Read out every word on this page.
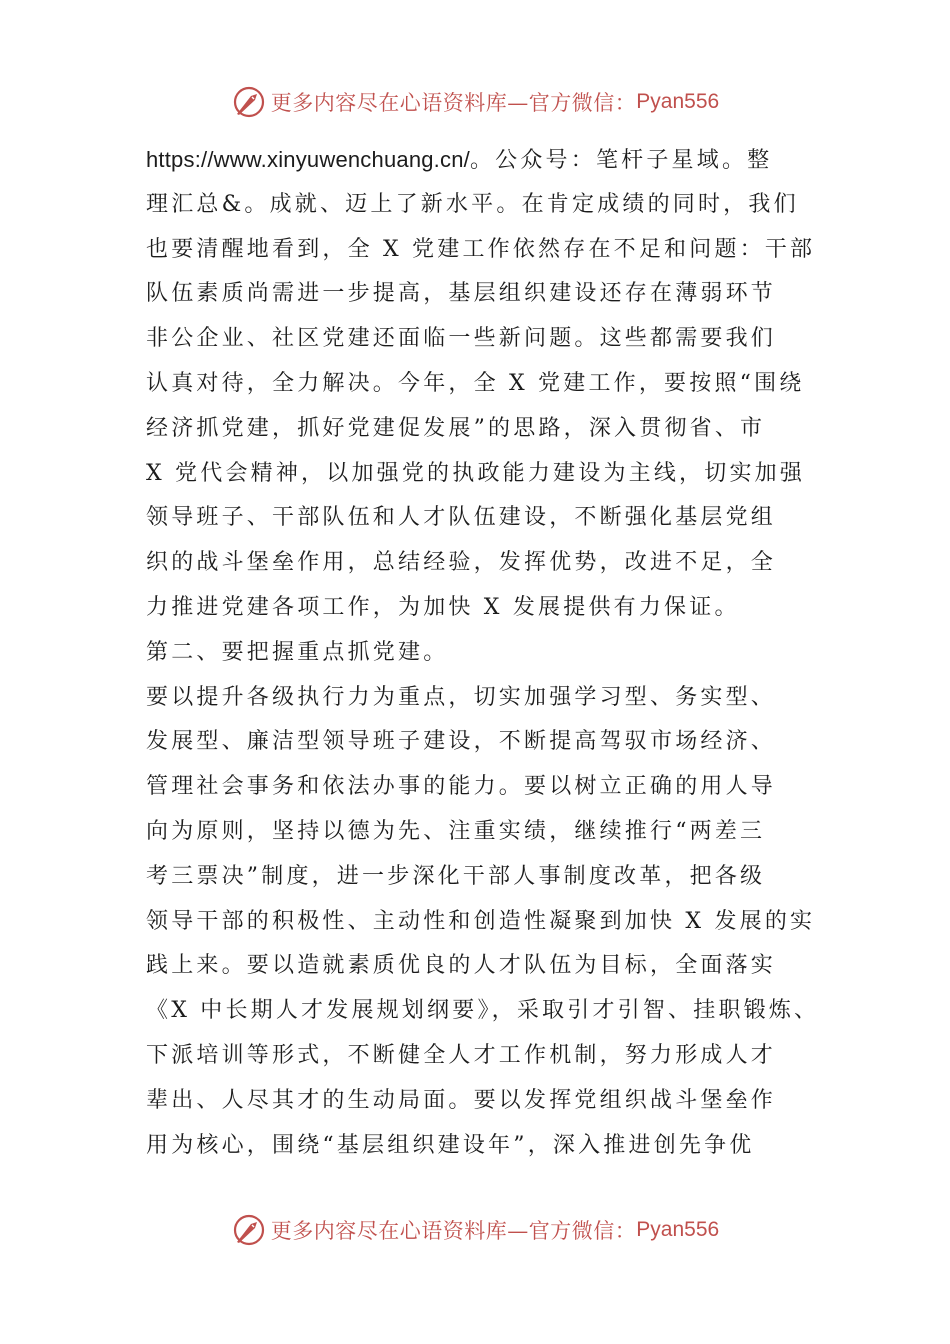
更多内容尽在心语资料库—官方微信： Pyan556
https://www.xinyuwenchuang.cn/。公众号：笔杆子星域。整
理汇总&。成就、迈上了新水平。在肯定成绩的同时，我们
也要清醒地看到，全 X 党建工作依然存在不足和问题：干部
队伍素质尚需进一步提高，基层组织建设还存在薄弱环节
非公企业、社区党建还面临一些新问题。这些都需要我们
认真对待，全力解决。今年，全 X 党建工作，要按照“围绕
经济抓党建，抓好党建促发展”的思路，深入贯彻省、市
X 党代会精神，以加强党的执政能力建设为主线，切实加强
领导班子、干部队伍和人才队伍建设，不断强化基层党组
织的战斗堡垒作用，总结经验，发挥优势，改进不足，全
力推进党建各项工作，为加快 X 发展提供有力保证。
第二、要把握重点抓党建。
要以提升各级执行力为重点，切实加强学习型、务实型、
发展型、廉洁型领导班子建设，不断提高驾驭市场经济、
管理社会事务和依法办事的能力。要以树立正确的用人导
向为原则，坚持以德为先、注重实绩，继续推行“两差三
考三票决”制度，进一步深化干部人事制度改革，把各级
领导干部的积极性、主动性和创造性凝聚到加快 X 发展的实
践上来。要以造就素质优良的人才队伍为目标，全面落实
《X 中长期人才发展规划纲要》，采取引才引智、挂职锻炼、
下派培训等形式，不断健全人才工作机制，努力形成人才
辈出、人尽其才的生动局面。要以发挥党组织战斗堡垒作
用为核心，围绕“基层组织建设年”，深入推进创先争优
更多内容尽在心语资料库—官方微信： Pyan556
